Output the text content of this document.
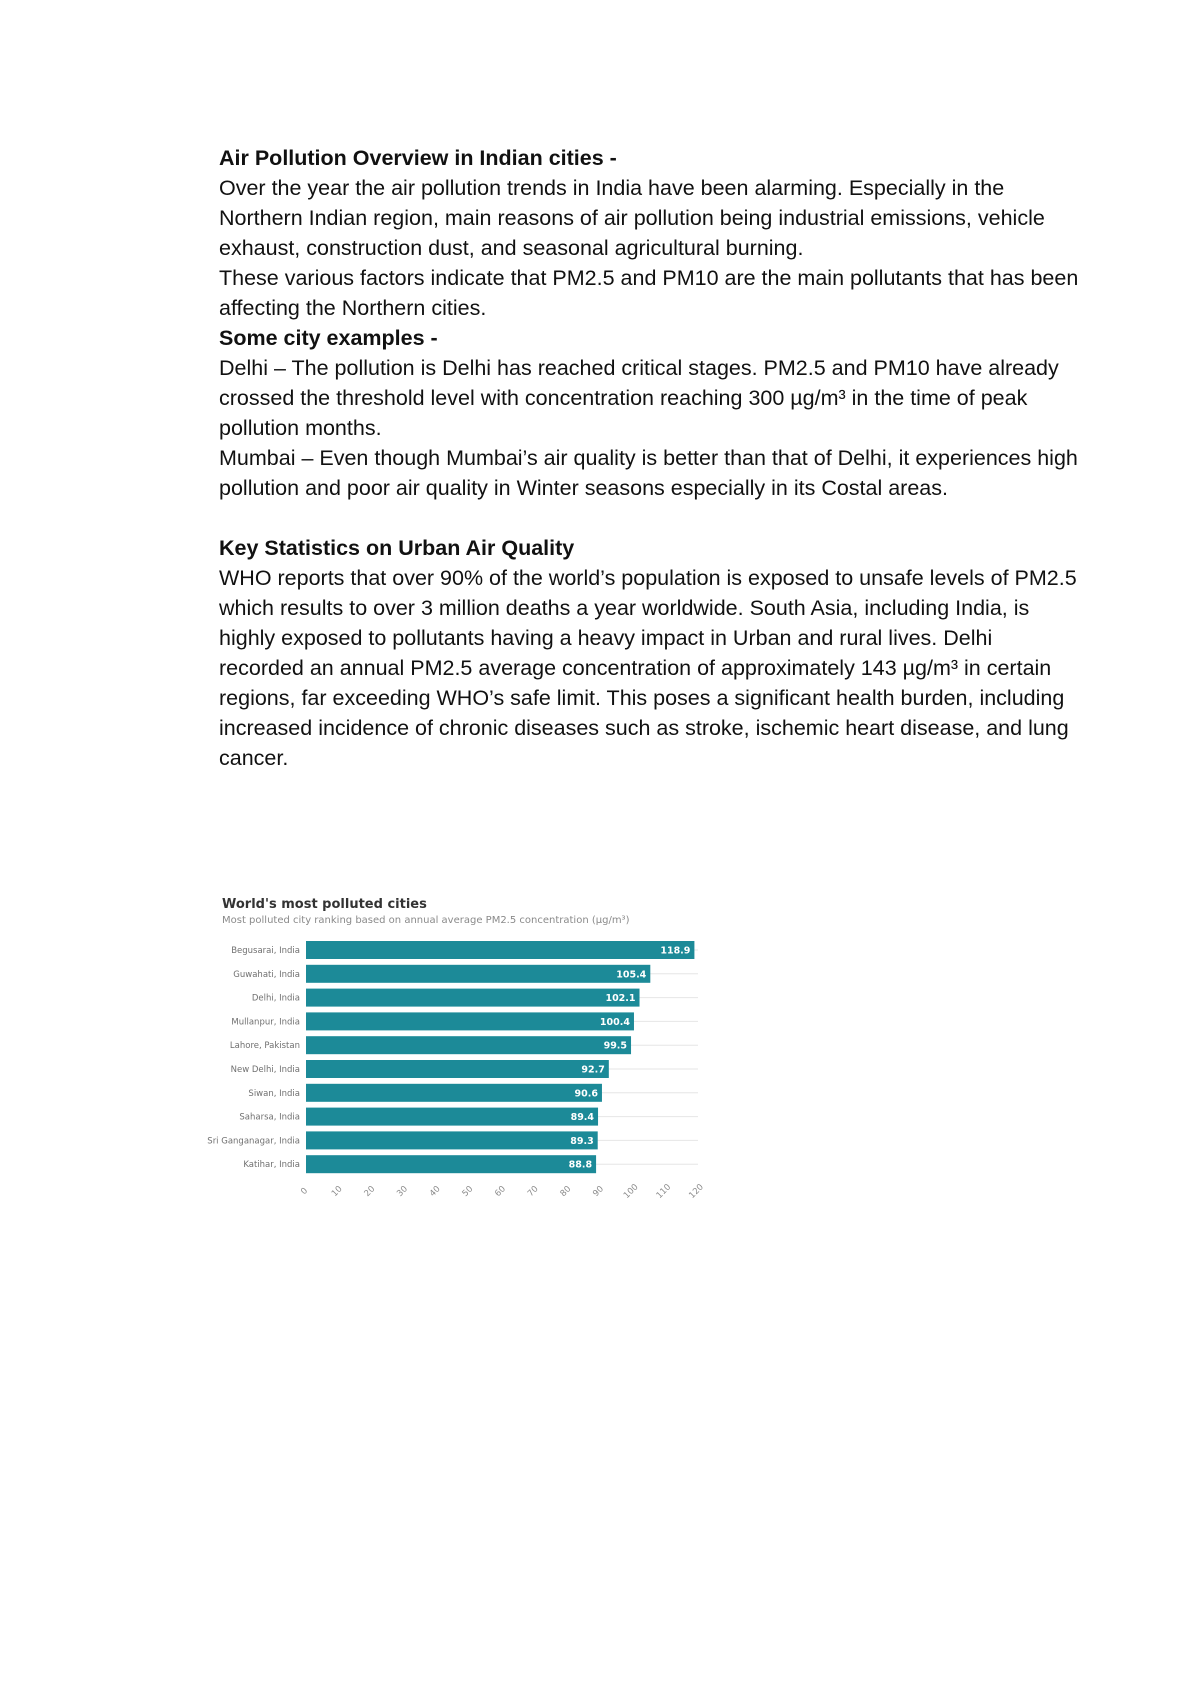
Air Pollution Overview in Indian cities -

Over the year the air pollution trends in India have been alarming. Especially in the Northern Indian region, main reasons of air pollution being industrial emissions, vehicle exhaust, construction dust, and seasonal agricultural burning.

These various factors indicate that PM2.5 and PM10 are the main pollutants that has been affecting the Northern cities.

Some city examples -

Delhi – The pollution is Delhi has reached critical stages. PM2.5 and PM10 have already crossed the threshold level with concentration reaching 300 µg/m³ in the time of peak pollution months.

Mumbai – Even though Mumbai’s air quality is better than that of Delhi, it experiences high pollution and poor air quality in Winter seasons especially in its Costal areas.

Key Statistics on Urban Air Quality

WHO reports that over 90% of the world’s population is exposed to unsafe levels of PM2.5 which results to over 3 million deaths a year worldwide. South Asia, including India, is highly exposed to pollutants having a heavy impact in Urban and rural lives. Delhi recorded an annual PM2.5 average concentration of approximately 143 µg/m³ in certain regions, far exceeding WHO’s safe limit. This poses a significant health burden, including increased incidence of chronic diseases such as stroke, ischemic heart disease, and lung cancer.

Begusarai, India	118.9
Guwahati, India	105.4
Delhi, India	102.1
Mullanpur, India	100.4
Lahore, Pakistan	99.5
New Delhi, India	92.7
Siwan, India	90.6
Saharsa, India	89.4
Sri Ganganagar, India	89.3
Katihar, India	88.8
0 10 20 30 40 50 60 70 80 90 100 110 120
World's most polluted cities
Most polluted city ranking based on annual average PM2.5 concentration (µg/m³)
